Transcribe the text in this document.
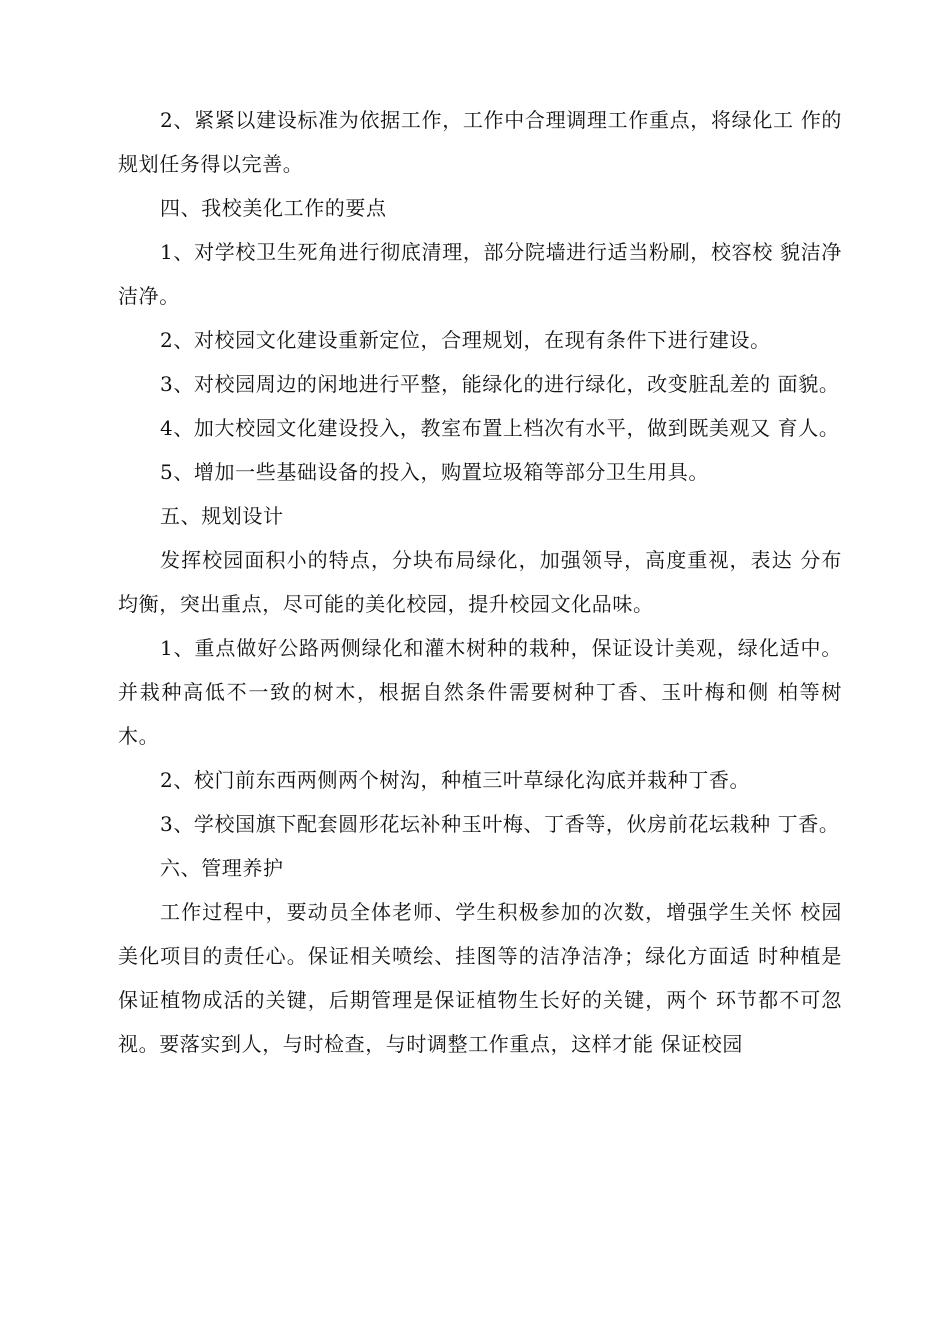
2、紧紧以建设标准为依据工作，工作中合理调理工作重点，将绿化工 作的规划任务得以完善。

四、我校美化工作的要点

1、对学校卫生死角进行彻底清理，部分院墙进行适当粉刷，校容校 貌洁净洁净。

2、对校园文化建设重新定位，合理规划，在现有条件下进行建设。

3、对校园周边的闲地进行平整，能绿化的进行绿化，改变脏乱差的 面貌。

4、加大校园文化建设投入，教室布置上档次有水平，做到既美观又 育人。

5、增加一些基础设备的投入，购置垃圾箱等部分卫生用具。

五、规划设计

发挥校园面积小的特点，分块布局绿化，加强领导，高度重视，表达 分布均衡，突出重点，尽可能的美化校园，提升校园文化品味。

1、重点做好公路两侧绿化和灌木树种的栽种，保证设计美观，绿化适中。并栽种高低不一致的树木，根据自然条件需要树种丁香、玉叶梅和侧 柏等树木。

2、校门前东西两侧两个树沟，种植三叶草绿化沟底并栽种丁香。

3、学校国旗下配套圆形花坛补种玉叶梅、丁香等，伙房前花坛栽种 丁香。

六、管理养护

工作过程中，要动员全体老师、学生积极参加的次数，增强学生关怀 校园美化项目的责任心。保证相关喷绘、挂图等的洁净洁净；绿化方面适 时种植是保证植物成活的关键，后期管理是保证植物生长好的关键，两个 环节都不可忽视。要落实到人，与时检查，与时调整工作重点，这样才能 保证校园
